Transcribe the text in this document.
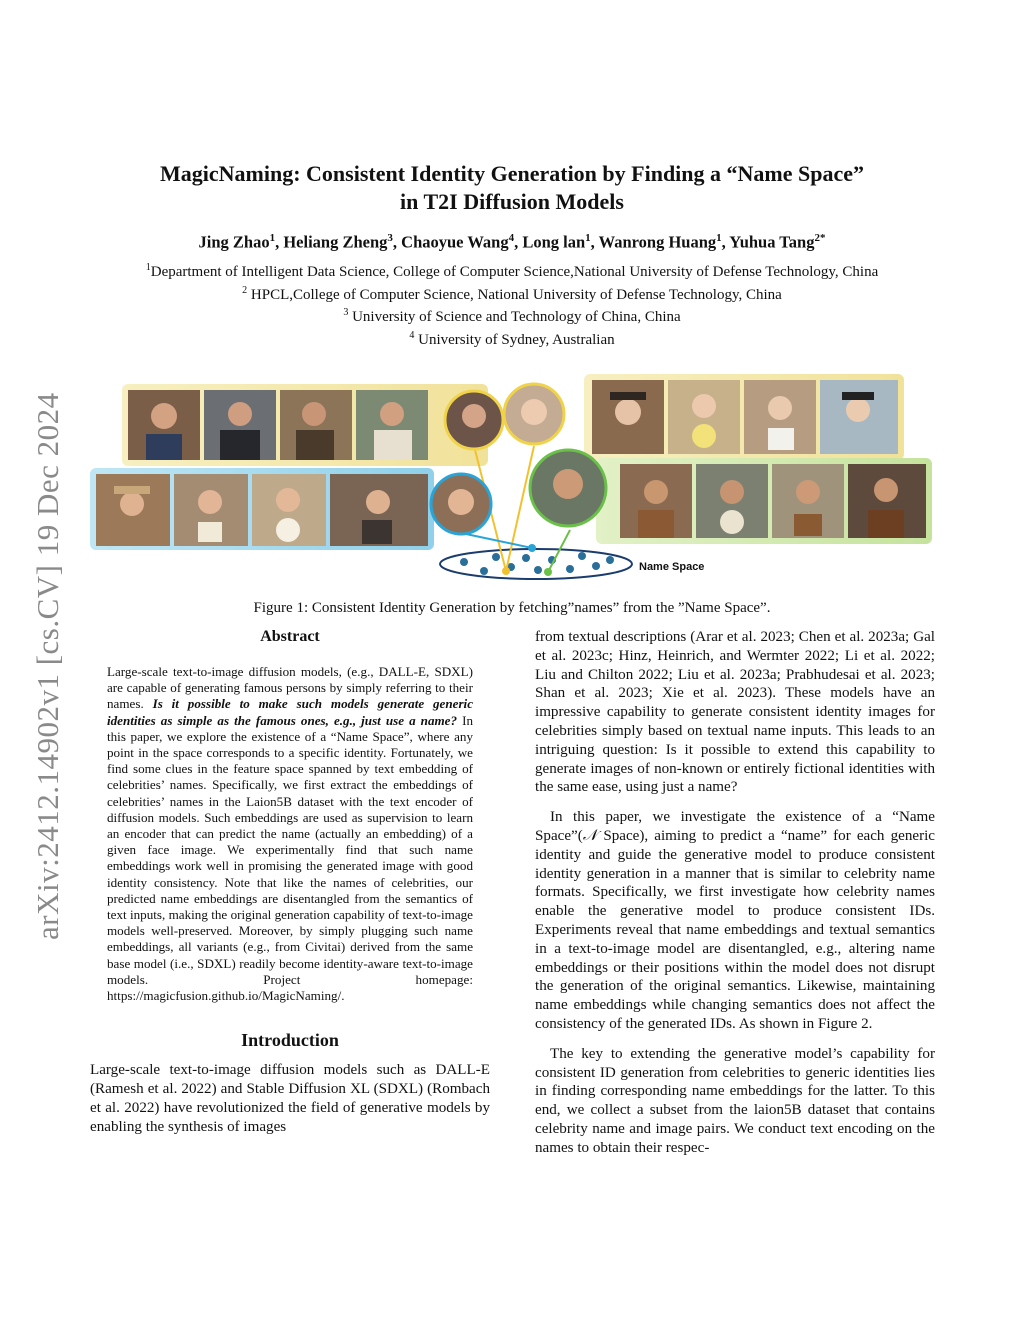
arXiv:2412.14902v1 [cs.CV] 19 Dec 2024
MagicNaming: Consistent Identity Generation by Finding a “Name Space”
in T2I Diffusion Models
Jing Zhao$^1$, Heliang Zheng$^3$, Chaoyue Wang$^4$, Long lan$^1$, Wanrong Huang$^1$, Yuhua Tang$^{2*}$
$^1$Department of Intelligent Data Science, College of Computer Science,National University of Defense Technology, China
$^2$ HPCL,College of Computer Science, National University of Defense Technology, China
$^3$ University of Science and Technology of China, China
$^4$ University of Sydney, Australian
Name Space
Figure 1: Consistent Identity Generation by fetching”names” from the ”Name Space”.
Abstract
Large-scale text-to-image diffusion models, (e.g., DALL-E, SDXL) are capable of generating famous persons by simply referring to their names. Is it possible to make such models generate generic identities as simple as the famous ones, e.g., just use a name? In this paper, we explore the existence of a “Name Space”, where any point in the space corresponds to a specific identity. Fortunately, we find some clues in the feature space spanned by text embedding of celebrities’ names. Specifically, we first extract the embeddings of celebrities’ names in the Laion5B dataset with the text encoder of diffusion models. Such embeddings are used as supervision to learn an encoder that can predict the name (actually an embedding) of a given face image. We experimentally find that such name embeddings work well in promising the generated image with good identity consistency. Note that like the names of celebrities, our predicted name embeddings are disentangled from the semantics of text inputs, making the original generation capability of text-to-image models well-preserved. Moreover, by simply plugging such name embeddings, all variants (e.g., from Civitai) derived from the same base model (i.e., SDXL) readily become identity-aware text-to-image models. Project homepage: https://magicfusion.github.io/MagicNaming/.
Introduction

Large-scale text-to-image diffusion models such as DALL-E (Ramesh et al. 2022) and Stable Diffusion XL (SDXL) (Rombach et al. 2022) have revolutionized the field of generative models by enabling the synthesis of images

from textual descriptions (Arar et al. 2023; Chen et al. 2023a; Gal et al. 2023c; Hinz, Heinrich, and Wermter 2022; Li et al. 2022; Liu and Chilton 2022; Liu et al. 2023a; Prabhudesai et al. 2023; Shan et al. 2023; Xie et al. 2023). These models have an impressive capability to generate consistent identity images for celebrities simply based on textual name inputs. This leads to an intriguing question: Is it possible to extend this capability to generate images of non-known or entirely fictional identities with the same ease, using just a name?

In this paper, we investigate the existence of a “Name Space”(𝒩 Space), aiming to predict a “name” for each generic identity and guide the generative model to produce consistent identity generation in a manner that is similar to celebrity name formats. Specifically, we first investigate how celebrity names enable the generative model to produce consistent IDs. Experiments reveal that name embeddings and textual semantics in a text-to-image model are disentangled, e.g., altering name embeddings or their positions within the model does not disrupt the generation of the original semantics. Likewise, maintaining name embeddings while changing semantics does not affect the consistency of the generated IDs. As shown in Figure 2.

The key to extending the generative model’s capability for consistent ID generation from celebrities to generic identities lies in finding corresponding name embeddings for the latter. To this end, we collect a subset from the laion5B dataset that contains celebrity name and image pairs. We conduct text encoding on the names to obtain their respec-
